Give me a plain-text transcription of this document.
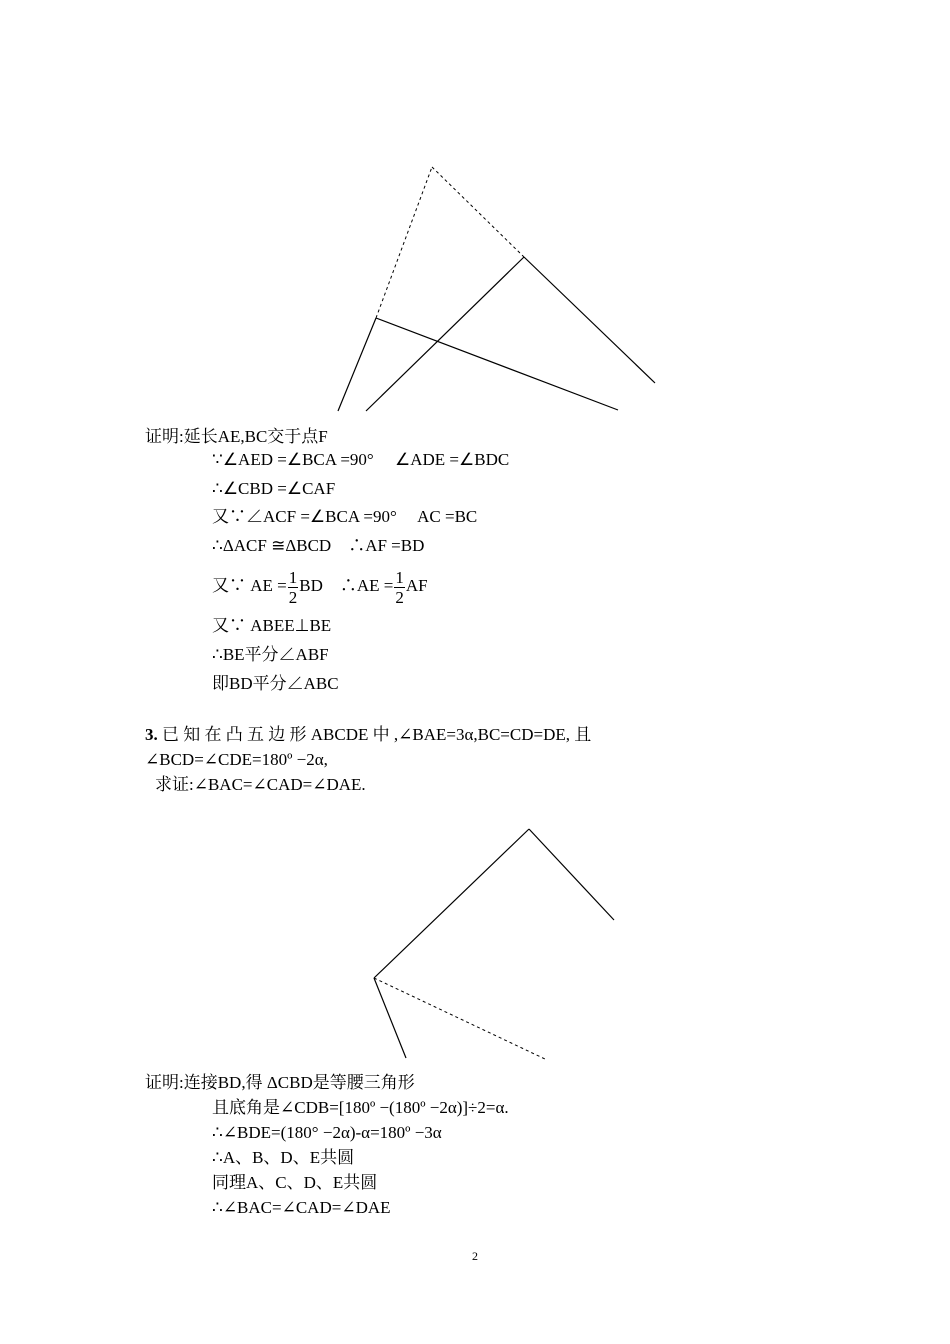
证明:延长AE,BC交于点F
∵∠AED =∠BCA =90°　 ∠ADE =∠BDC
∴∠CBD =∠CAF
又∵∠ACF =∠BCA =90°　 AC =BC
∴ΔACF ≅ΔBCD　∴AF =BD
又∵ AE = $\frac{1}{2}$ BD　∴AE = $\frac{1}{2}$ AF
又∵ ABEE⊥BE
∴BE平分∠ABF
即BD平分∠ABC
3. 已 知 在 凸 五 边 形 ABCDE 中 ,∠BAE=3α,BC=CD=DE, 且
∠BCD=∠CDE=180º −2α,
求证:∠BAC=∠CAD=∠DAE.
证明:连接BD,得 ΔCBD是等腰三角形
且底角是∠CDB=[180º −(180º −2α)]÷2=α.
∴∠BDE=(180° −2α)-α=180º −3α
∴A、B、D、E共圆
同理A、C、D、E共圆
∴∠BAC=∠CAD=∠DAE
2
